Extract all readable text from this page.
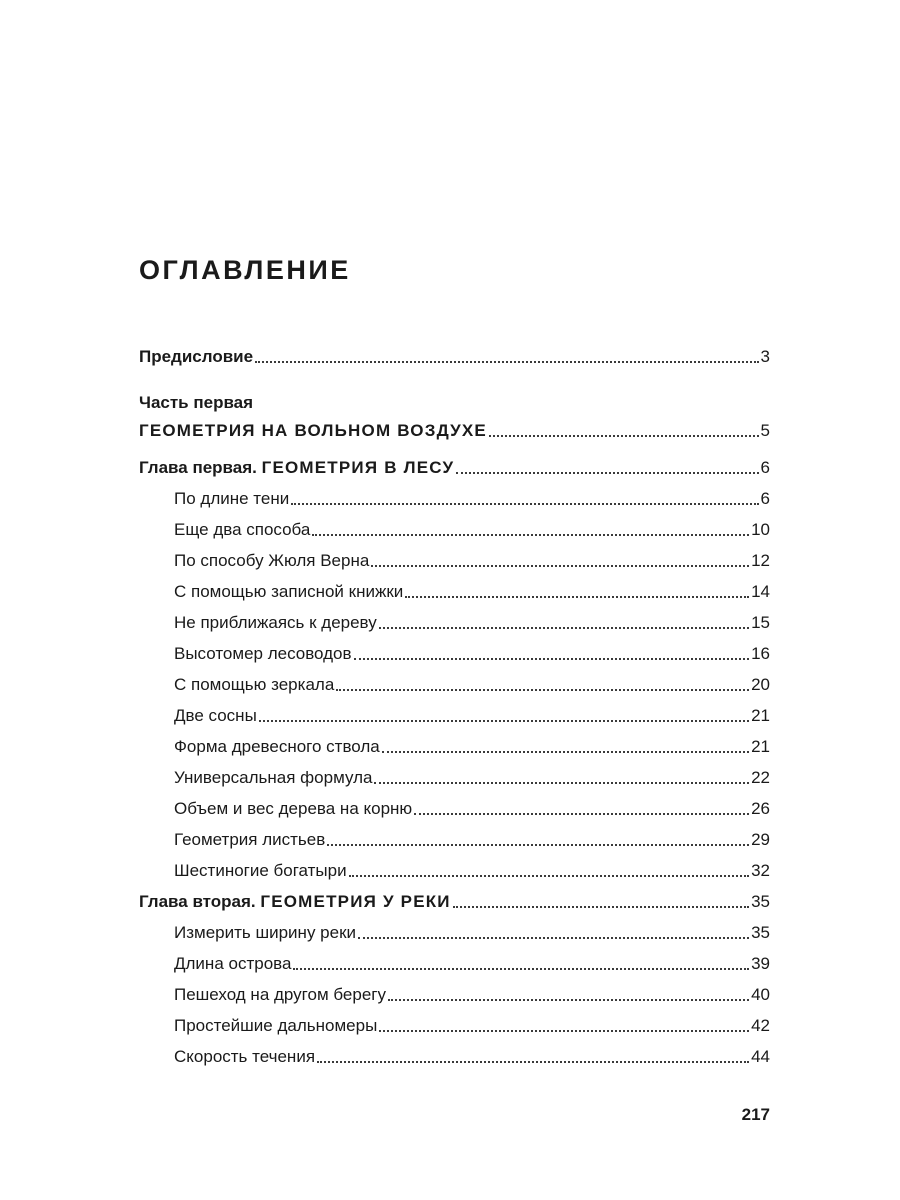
ОГЛАВЛЕНИЕ
Предисловие	3
Часть первая
ГЕОМЕТРИЯ НА ВОЛЬНОМ ВОЗДУХЕ	5
Глава первая. ГЕОМЕТРИЯ В ЛЕСУ	6
По длине тени	6
Еще два способа	10
По способу Жюля Верна	12
С помощью записной книжки	14
Не приближаясь к дереву	15
Высотомер лесоводов	16
С помощью зеркала	20
Две сосны	21
Форма древесного ствола	21
Универсальная формула	22
Объем и вес дерева на корню	26
Геометрия листьев	29
Шестиногие богатыри	32
Глава вторая. ГЕОМЕТРИЯ У РЕКИ	35
Измерить ширину реки	35
Длина острова	39
Пешеход на другом берегу	40
Простейшие дальномеры	42
Скорость течения	44
217
